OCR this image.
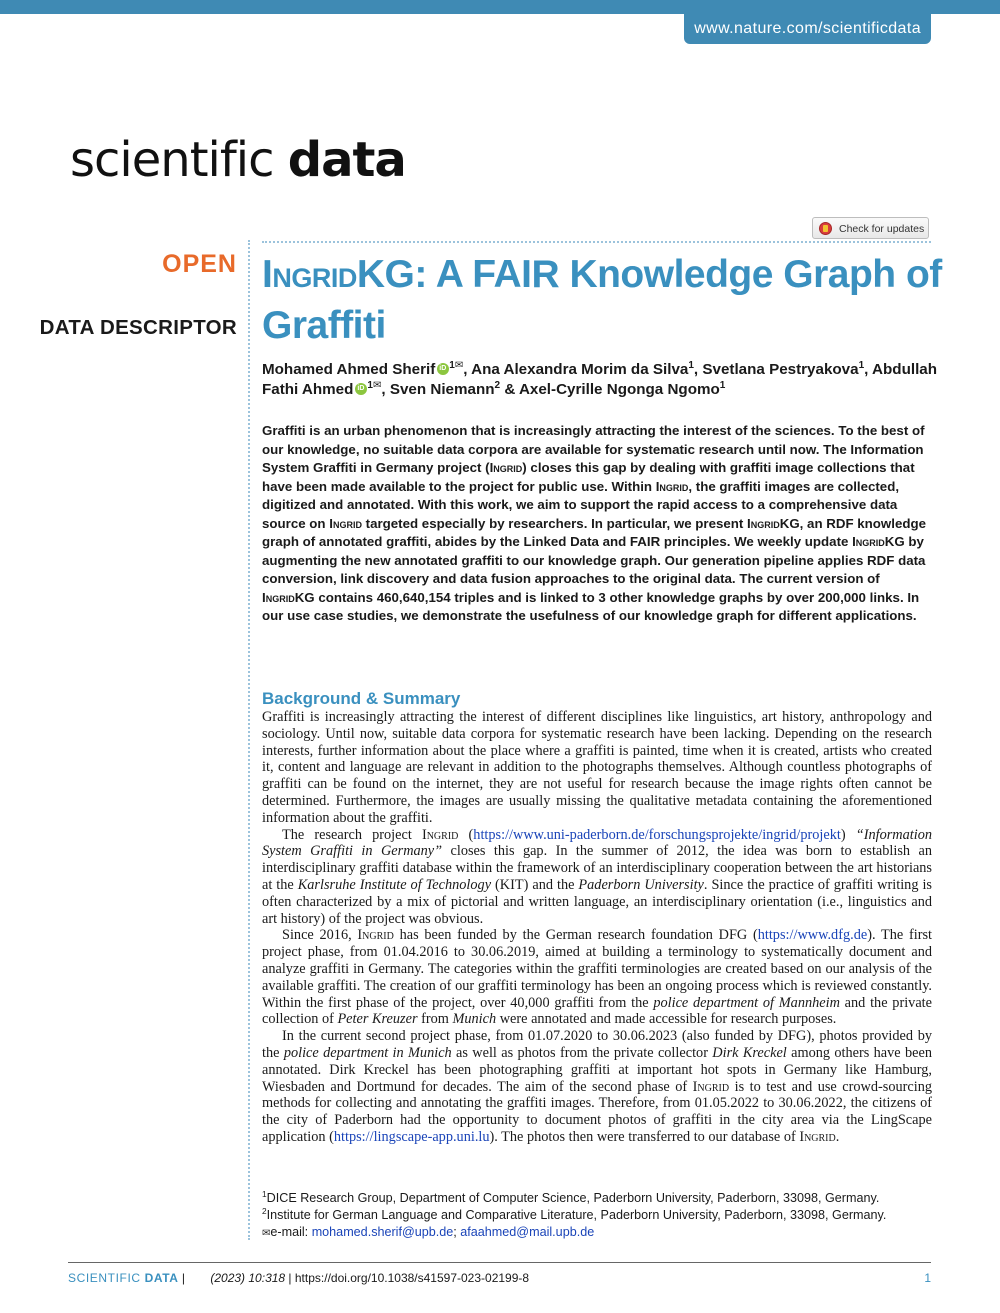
www.nature.com/scientificdata
scientific data
Check for updates
OPEN
DATA DESCRIPTOR
IngridKG: A FAIR Knowledge Graph of Graffiti
Mohamed Ahmed Sherif iD $^{1✉}$, Ana Alexandra Morim da Silva$^1$, Svetlana Pestryakova$^1$, Abdullah Fathi Ahmed iD $^{1✉}$, Sven Niemann$^2$ & Axel-Cyrille Ngonga Ngomo$^1$

Graffiti is an urban phenomenon that is increasingly attracting the interest of the sciences. To the best of our knowledge, no suitable data corpora are available for systematic research until now. The Information System Graffiti in Germany project (Ingrid) closes this gap by dealing with graffiti image collections that have been made available to the project for public use. Within Ingrid, the graffiti images are collected, digitized and annotated. With this work, we aim to support the rapid access to a comprehensive data source on Ingrid targeted especially by researchers. In particular, we present IngridKG, an RDF knowledge graph of annotated graffiti, abides by the Linked Data and FAIR principles. We weekly update IngridKG by augmenting the new annotated graffiti to our knowledge graph. Our generation pipeline applies RDF data conversion, link discovery and data fusion approaches to the original data. The current version of IngridKG contains 460,640,154 triples and is linked to 3 other knowledge graphs by over 200,000 links. In our use case studies, we demonstrate the usefulness of our knowledge graph for different applications.

Background & Summary

Graffiti is increasingly attracting the interest of different disciplines like linguistics, art history, anthropology and sociology. Until now, suitable data corpora for systematic research have been lacking. Depending on the research interests, further information about the place where a graffiti is painted, time when it is created, artists who created it, content and language are relevant in addition to the photographs themselves. Although countless photographs of graffiti can be found on the internet, they are not useful for research because the image rights often cannot be determined. Furthermore, the images are usually missing the qualitative metadata containing the aforementioned information about the graffiti.

The research project Ingrid (https://www.uni-paderborn.de/forschungsprojekte/ingrid/projekt) “Information System Graffiti in Germany” closes this gap. In the summer of 2012, the idea was born to establish an interdisciplinary graffiti database within the framework of an interdisciplinary cooperation between the art historians at the Karlsruhe Institute of Technology (KIT) and the Paderborn University. Since the practice of graffiti writing is often characterized by a mix of pictorial and written language, an interdisciplinary orientation (i.e., linguistics and art history) of the project was obvious.

Since 2016, Ingrid has been funded by the German research foundation DFG (https://www.dfg.de). The first project phase, from 01.04.2016 to 30.06.2019, aimed at building a terminology to systematically document and analyze graffiti in Germany. The categories within the graffiti terminologies are created based on our analysis of the available graffiti. The creation of our graffiti terminology has been an ongoing process which is reviewed constantly. Within the first phase of the project, over 40,000 graffiti from the police department of Mannheim and the private collection of Peter Kreuzer from Munich were annotated and made accessible for research purposes.

In the current second project phase, from 01.07.2020 to 30.06.2023 (also funded by DFG), photos provided by the police department in Munich as well as photos from the private collector Dirk Kreckel among others have been annotated. Dirk Kreckel has been photographing graffiti at important hot spots in Germany like Hamburg, Wiesbaden and Dortmund for decades. The aim of the second phase of Ingrid is to test and use crowd-sourcing methods for collecting and annotating the graffiti images. Therefore, from 01.05.2022 to 30.06.2022, the citizens of the city of Paderborn had the opportunity to document photos of graffiti in the city area via the LingScape application (https://lingscape-app.uni.lu). The photos then were transferred to our database of Ingrid.

$^1$DICE Research Group, Department of Computer Science, Paderborn University, Paderborn, 33098, Germany.
$^2$Institute for German Language and Comparative Literature, Paderborn University, Paderborn, 33098, Germany.
✉e-mail: mohamed.sherif@upb.de; afaahmed@mail.upb.de
SCIENTIFIC DATA | (2023) 10:318 | https://doi.org/10.1038/s41597-023-02199-8	1
